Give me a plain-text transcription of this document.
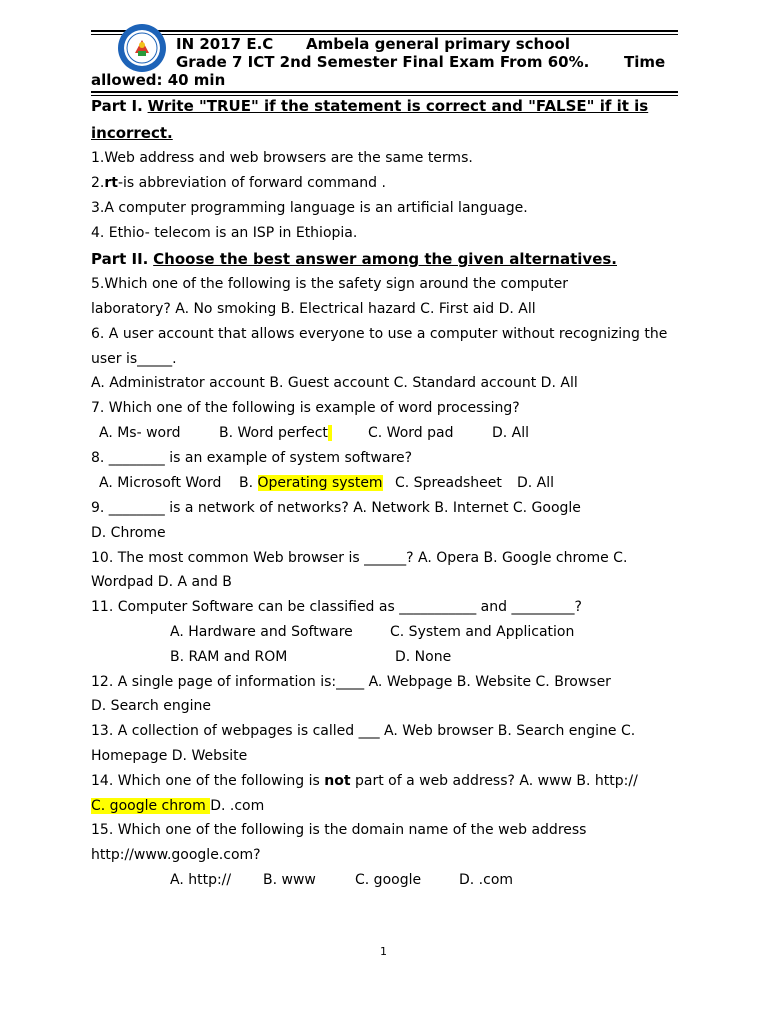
IN 2017 E.C Ambela general primary school
Grade 7 ICT 2nd Semester Final Exam From 60%. Time
allowed: 40 min
Part I. Write "TRUE" if the statement is correct and "FALSE" if it is
incorrect.
1.Web address and web browsers are the same terms.
2.rt-is abbreviation of forward command .
3.A computer programming language is an artificial language.
4. Ethio- telecom is an ISP in Ethiopia.
Part II. Choose the best answer among the given alternatives.
5.Which one of the following is the safety sign around the computer
laboratory? A. No smoking B. Electrical hazard C. First aid D. All
6. A user account that allows everyone to use a computer without recognizing the
user is_____.
A. Administrator account B. Guest account C. Standard account D. All
7. Which one of the following is example of word processing?
A. Ms- word	B. Word perfect	C. Word pad	D. All
8. ________ is an example of system software?
A. Microsoft Word B. Operating system C. Spreadsheet D. All
9. ________ is a network of networks? A. Network B. Internet C. Google
D. Chrome
10. The most common Web browser is ______? A. Opera B. Google chrome C.
Wordpad D. A and B
11. Computer Software can be classified as ___________ and _________?
A. Hardware and Software	C. System and Application
B. RAM and ROM	D. None
12. A single page of information is:____ A. Webpage B. Website C. Browser
D. Search engine
13. A collection of webpages is called ___ A. Web browser B. Search engine C.
Homepage D. Website
14. Which one of the following is not part of a web address? A. www B. http://
C. google chrom D. .com
15. Which one of the following is the domain name of the web address
http://www.google.com?
A. http:// B. www	C. google	D. .com
1
